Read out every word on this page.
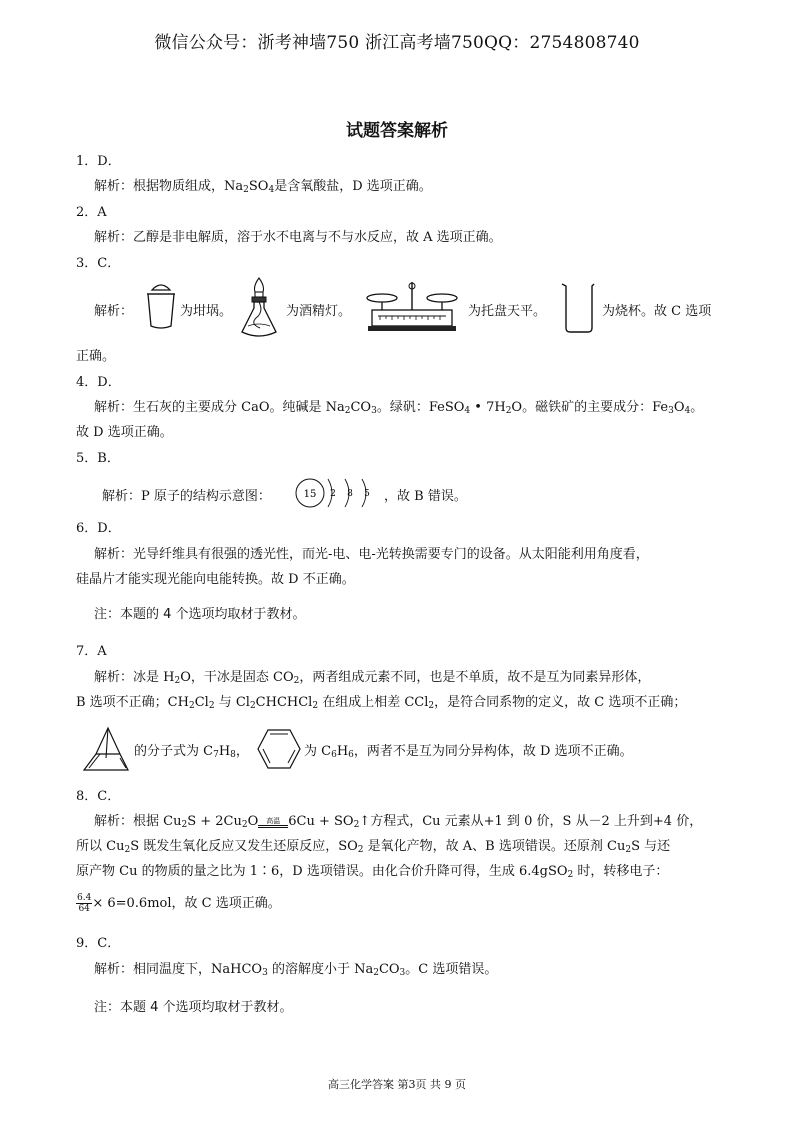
微信公众号：浙考神墙750 浙江高考墙750QQ：2754808740
试题答案解析
1．D．
解析：根据物质组成，$Na_2SO_4$是含氧酸盐，D 选项正确。
2．A
解析：乙醇是非电解质，溶于水不电离与不与水反应，故 A 选项正确。
3．C．
解析：	为坩埚。	为酒精灯。	为托盘天平。	为烧杯。故 C 选项
正确。
4．D．
解析：生石灰的主要成分 CaO。纯碱是 $Na_2CO_3$。绿矾：FeSO$_4$ • $7H_2O$。磁铁矿的主要成分：$Fe_3O_4$。
故 D 选项正确。
5．B．
解析：P 原子的结构示意图：	15 2 8 5 ，故 B 错误。
6．D．
解析：光导纤维具有很强的透光性，而光-电、电-光转换需要专门的设备。从太阳能利用角度看，
硅晶片才能实现光能向电能转换。故 D 不正确。
注：本题的 4 个选项均取材于教材。
7．A
解析：冰是 $H_2O$，干冰是固态 $CO_2$，两者组成元素不同，也是不单质，故不是互为同素异形体，
B 选项不正确；$CH_2Cl_2$ 与 $Cl_2CHCHCl_2$ 在组成上相差 CCl$_2$，是符合同系物的定义，故 C 选项不正确；
的分子式为 $C_7H_8$，	为 $C_6H_6$，两者不是互为同分异构体，故 D 选项不正确。
8．C．
解析：根据 $Cu_2S + 2Cu_2O$ 高温 $6Cu + SO_2↑$方程式，Cu 元素从+1 到 0 价，S 从－2 上升到+4 价，
所以 $Cu_2S$ 既发生氧化反应又发生还原反应，$SO_2$ 是氧化产物，故 A、B 选项错误。还原剂 $Cu_2S$ 与还
原产物 Cu 的物质的量之比为 1∶6，D 选项错误。由化合价升降可得，生成 6.4gSO$_2$ 时，转移电子：
$\frac{6.4}{64}\times 6=0.6mol$，故 C 选项正确。
9．C．
解析：相同温度下，NaHCO$_3$ 的溶解度小于 $Na_2CO_3$。C 选项错误。
注：本题 4 个选项均取材于教材。
高三化学答案 第3页 共 9 页
